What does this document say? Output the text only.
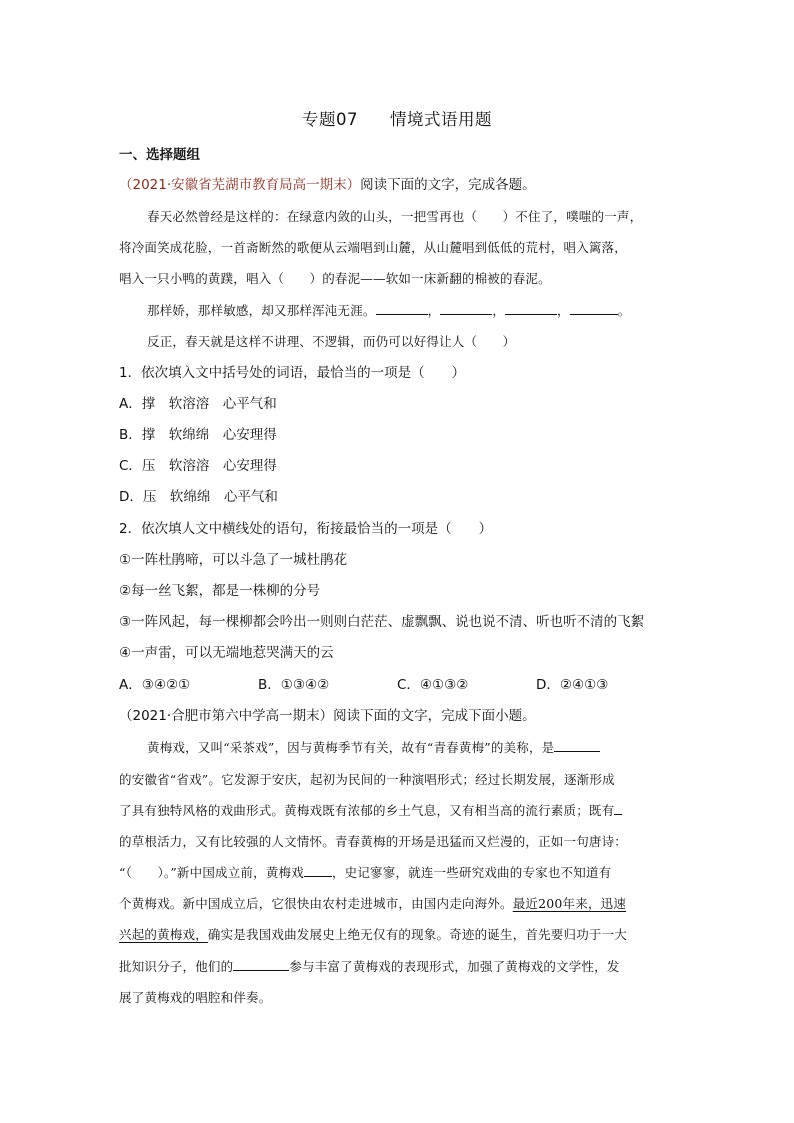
专题07 情境式语用题
一、选择题组
（2021·安徽省芜湖市教育局高一期末）阅读下面的文字，完成各题。
春天必然曾经是这样的：在绿意内敛的山头，一把雪再也（　　）不住了，噗嗤的一声，
将冷面笑成花脸，一首斋断然的歌便从云端唱到山麓，从山麓唱到低低的荒村，唱入篱落，
唱入一只小鸭的黄蹼，唱入（　　）的春泥——软如一床新翻的棉被的春泥。
那样娇，那样敏感，却又那样浑沌无涯。	，	，	，	。
反正，春天就是这样不讲理、不逻辑，而仍可以好得让人（　　）
1．依次填入文中括号处的词语，最恰当的一项是（　　）
A．撑　软溶溶　心平气和
B．撑　软绵绵　心安理得
C．压　软溶溶　心安理得
D．压　软绵绵　心平气和
2．依次填人文中横线处的语句，衔接最恰当的一项是（　　）
①一阵杜鹃啼，可以斗急了一城杜鹃花
②每一丝飞絮，都是一株柳的分号
③一阵风起，每一棵柳都会吟出一则则白茫茫、虚飘飘、说也说不清、听也听不清的飞絮
④一声雷，可以无端地惹哭满天的云
A．③④②①	B．①③④②	C．④①③②	D．②④①③
（2021·合肥市第六中学高一期末）阅读下面的文字，完成下面小题。
黄梅戏，又叫“采茶戏”，因与黄梅季节有关，故有“青春黄梅”的美称，是
的安徽省“省戏”。它发源于安庆，起初为民间的一种演唱形式；经过长期发展，逐渐形成
了具有独特风格的戏曲形式。黄梅戏既有浓郁的乡土气息，又有相当高的流行素质；既有
的草根活力，又有比较强的人文情怀。青春黄梅的开场是迅猛而又烂漫的，正如一句唐诗：
“（　　）。”新中国成立前，黄梅戏 ，史记寥寥，就连一些研究戏曲的专家也不知道有
个黄梅戏。新中国成立后，它很快由农村走进城市，由国内走向海外。最近200年来，迅速
兴起的黄梅戏，确实是我国戏曲发展史上绝无仅有的现象。奇迹的诞生，首先要归功于一大
批知识分子，他们的	参与丰富了黄梅戏的表现形式，加强了黄梅戏的文学性，发
展了黄梅戏的唱腔和伴奏。
